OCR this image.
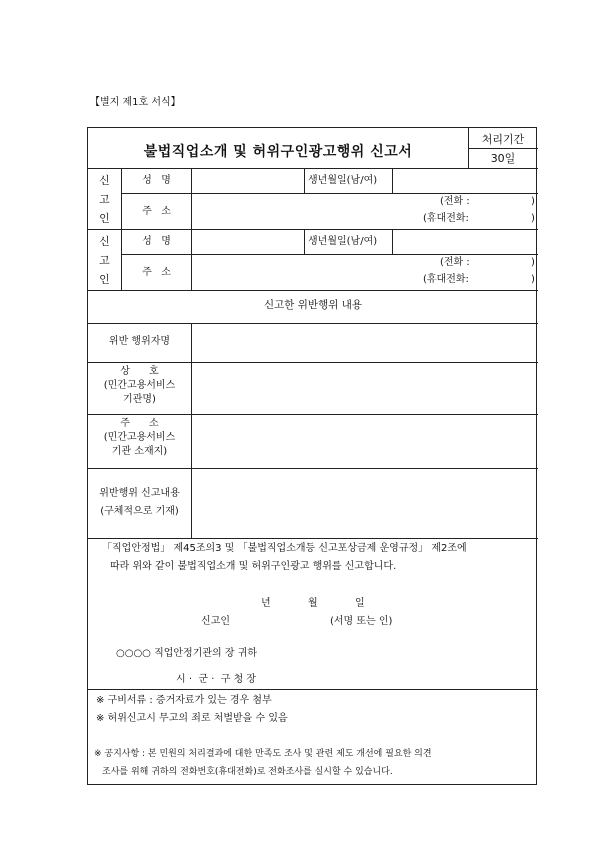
【별지 제1호 서식】
불법직업소개 및 허위구인광고행위 신고서
처리기간
30일
신
고
인
성   명	생년월일(남/여)
주   소
(전화 :	)
(휴대전화:	)
신
고
인
성   명	생년월일(남/여)
주   소
(전화 :	)
(휴대전화:	)
신고한 위반행위 내용
위반 행위자명
상      호
(민간고용서비스
기관명)
주      소
(민간고용서비스
기관 소재지)
위반행위 신고내용
(구체적으로 기재)
「직업안정법」 제45조의3 및 「불법직업소개등 신고포상금제 운영규정」 제2조에
따라 위와 같이 불법직업소개 및 허위구인광고 행위를 신고합니다.
년	월	일
신고인	(서명 또는 인)
○○○○ 직업안정기관의 장 귀하
시 ·  군 ·  구 청 장
※ 구비서류 : 증거자료가 있는 경우 첨부
※ 허위신고시 무고의 죄로 처벌받을 수 있음
※ 공지사항 : 본 민원의 처리결과에 대한 만족도 조사 및 관련 제도 개선에 필요한 의견
조사를 위해 귀하의 전화번호(휴대전화)로 전화조사를 실시할 수 있습니다.
